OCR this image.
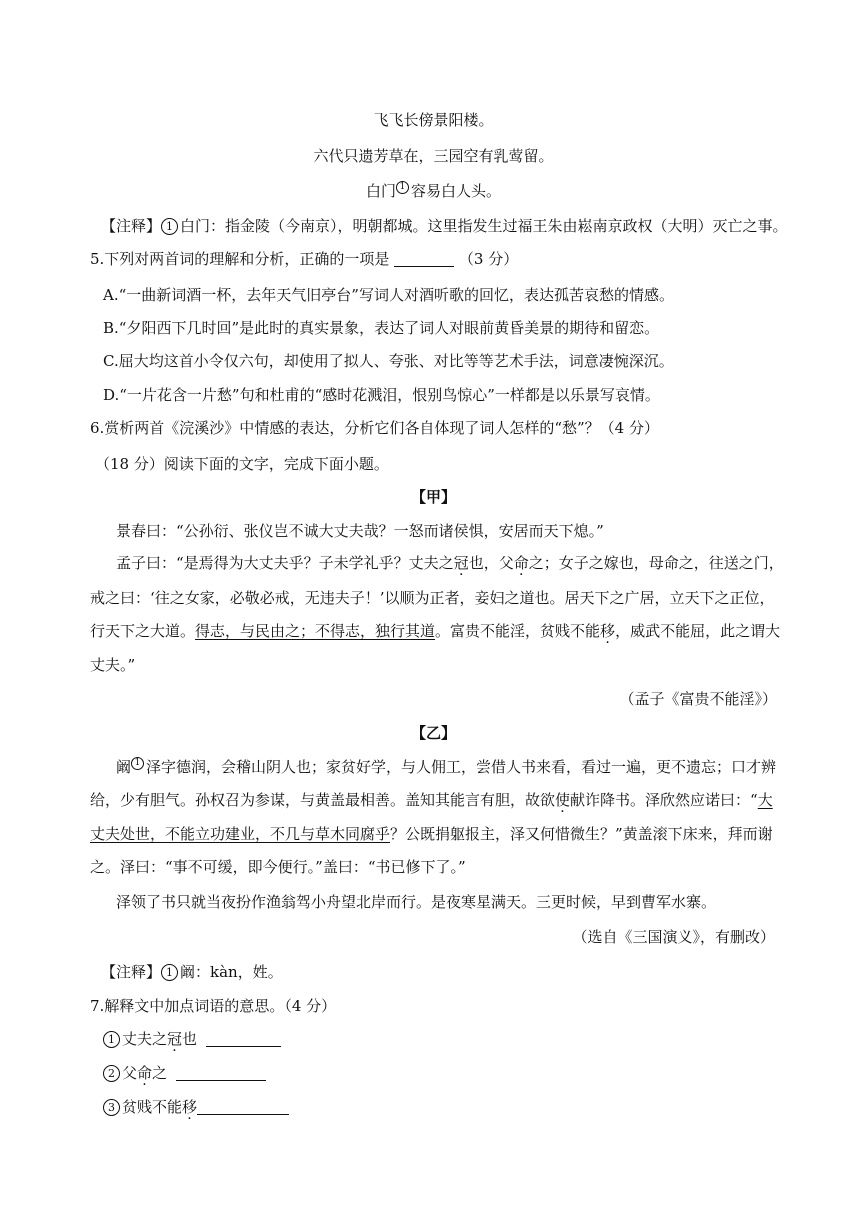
飞飞长傍景阳楼。
六代只遗芳草在，三园空有乳莺留。
白门 $^1$ 容易白人头。
【注释】 1 白门：指金陵（今南京），明朝都城。这里指发生过福王朱由崧南京政权（大明）灭亡之事。
5.下列对两首词的理解和分析，正确的一项是	（3 分）
A.“一曲新词酒一杯，去年天气旧亭台”写词人对酒听歌的回忆，表达孤苦哀愁的情感。
B.“夕阳西下几时回”是此时的真实景象，表达了词人对眼前黄昏美景的期待和留恋。
C.屈大均这首小令仅六句，却使用了拟人、夸张、对比等等艺术手法，词意凄惋深沉。
D.“一片花含一片愁”句和杜甫的“感时花溅泪，恨别鸟惊心”一样都是以乐景写哀情。
6.赏析两首《浣溪沙》中情感的表达，分析它们各自体现了词人怎样的“愁”？（4 分）
（18 分）阅读下面的文字，完成下面小题。
【甲】
景春曰：“公孙衍、张仪岂不诚大丈夫哉？一怒而诸侯惧，安居而天下熄。”
孟子曰：“是焉得为大丈夫乎？子未学礼乎？丈夫之冠也，父命之；女子之嫁也，母命之，往送之门，
戒之曰：‘往之女家，必敬必戒，无违夫子！’以顺为正者，妾妇之道也。居天下之广居，立天下之正位，
行天下之大道。得志，与民由之；不得志，独行其道。富贵不能淫，贫贱不能移，威武不能屈，此之谓大
丈夫。”
（孟子《富贵不能淫》）
【乙】
阚 $^1$ 泽字德润，会稽山阴人也；家贫好学，与人佣工，尝借人书来看，看过一遍，更不遗忘；口才辨
给，少有胆气。孙权召为参谋，与黄盖最相善。盖知其能言有胆，故欲使献诈降书。泽欣然应诺曰：“大
丈夫处世，不能立功建业，不几与草木同腐乎？公既捐躯报主，泽又何惜微生？”黄盖滚下床来，拜而谢
之。泽曰：“事不可缓，即今便行。”盖曰：“书已修下了。”
泽领了书只就当夜扮作渔翁驾小舟望北岸而行。是夜寒星满天。三更时候，早到曹军水寨。
（选自《三国演义》，有删改）
【注释】 1 阚：kàn，姓。
7.解释文中加点词语的意思。（4 分）
1 丈夫之冠也
2 父命之
3 贫贱不能移
